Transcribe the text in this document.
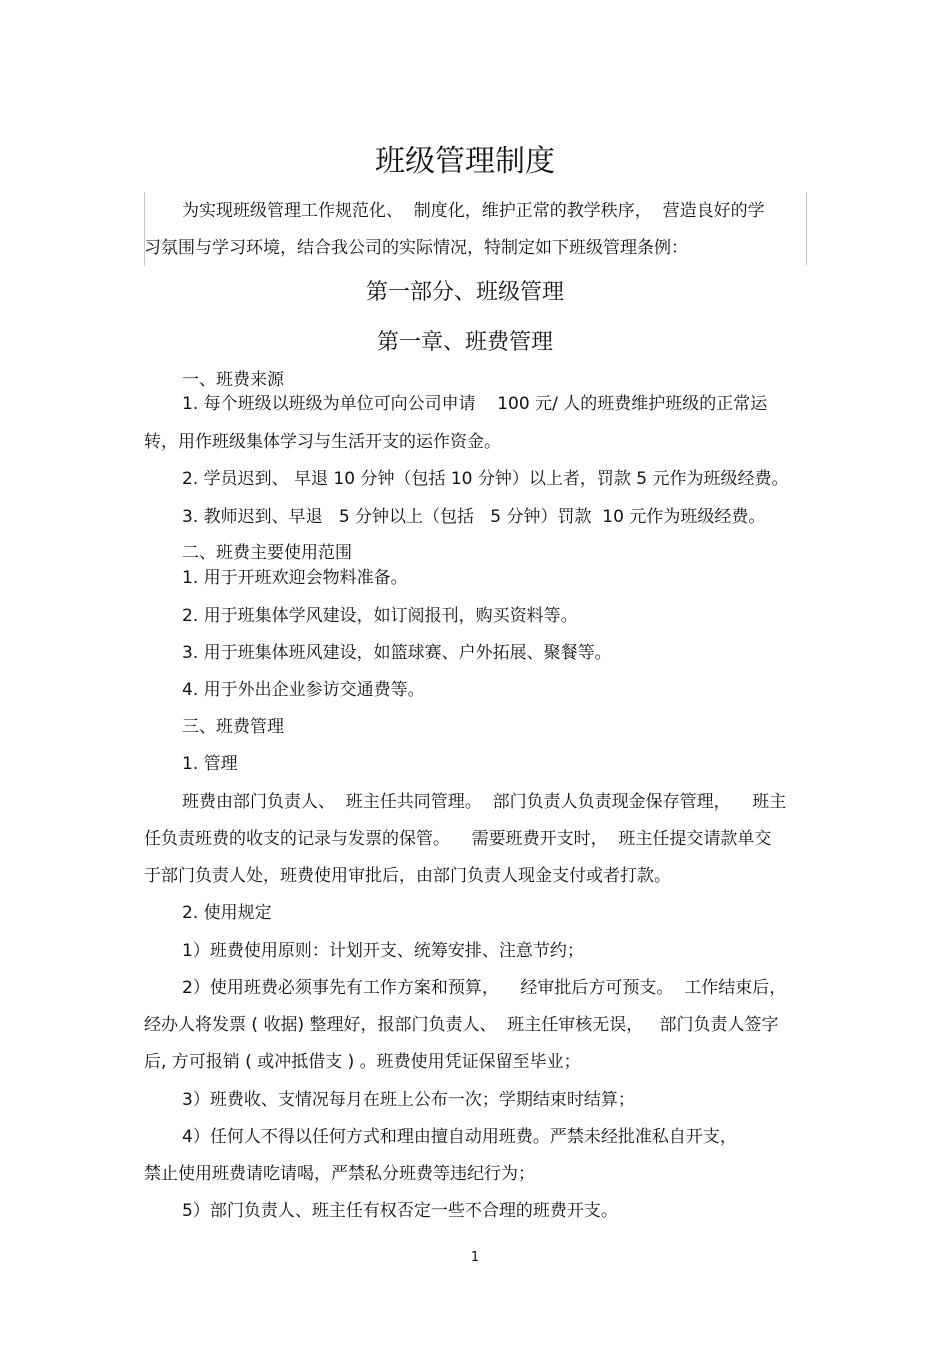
班级管理制度
为实现班级管理工作规范化、  制度化，维护正常的教学秩序，  营造良好的学
习氛围与学习环境，结合我公司的实际情况，特制定如下班级管理条例：
第一部分、班级管理
第一章、班费管理
一、班费来源
1. 每个班级以班级为单位可向公司申请    100 元/ 人的班费维护班级的正常运
转，用作班级集体学习与生活开支的运作资金。
2. 学员迟到、 早退 10 分钟（包括 10 分钟）以上者，罚款 5 元作为班级经费。
3. 教师迟到、早退   5 分钟以上（包括   5 分钟）罚款  10 元作为班级经费。
二、班费主要使用范围
1. 用于开班欢迎会物料准备。
2. 用于班集体学风建设，如订阅报刊，购买资料等。
3. 用于班集体班风建设，如篮球赛、户外拓展、聚餐等。
4. 用于外出企业参访交通费等。
三、班费管理
1. 管理
班费由部门负责人、  班主任共同管理。  部门负责人负责现金保存管理，    班主
任负责班费的收支的记录与发票的保管。    需要班费开支时，  班主任提交请款单交
于部门负责人处，班费使用审批后，由部门负责人现金支付或者打款。
2. 使用规定
1）班费使用原则：计划开支、统筹安排、注意节约；
2）使用班费必须事先有工作方案和预算，    经审批后方可预支。  工作结束后，
经办人将发票 ( 收据) 整理好，报部门负责人、  班主任审核无误，   部门负责人签字
后, 方可报销 ( 或冲抵借支 ) 。班费使用凭证保留至毕业；
3）班费收、支情况每月在班上公布一次；学期结束时结算；
4）任何人不得以任何方式和理由擅自动用班费。严禁未经批准私自开支，
禁止使用班费请吃请喝，严禁私分班费等违纪行为；
5）部门负责人、班主任有权否定一些不合理的班费开支。
1
